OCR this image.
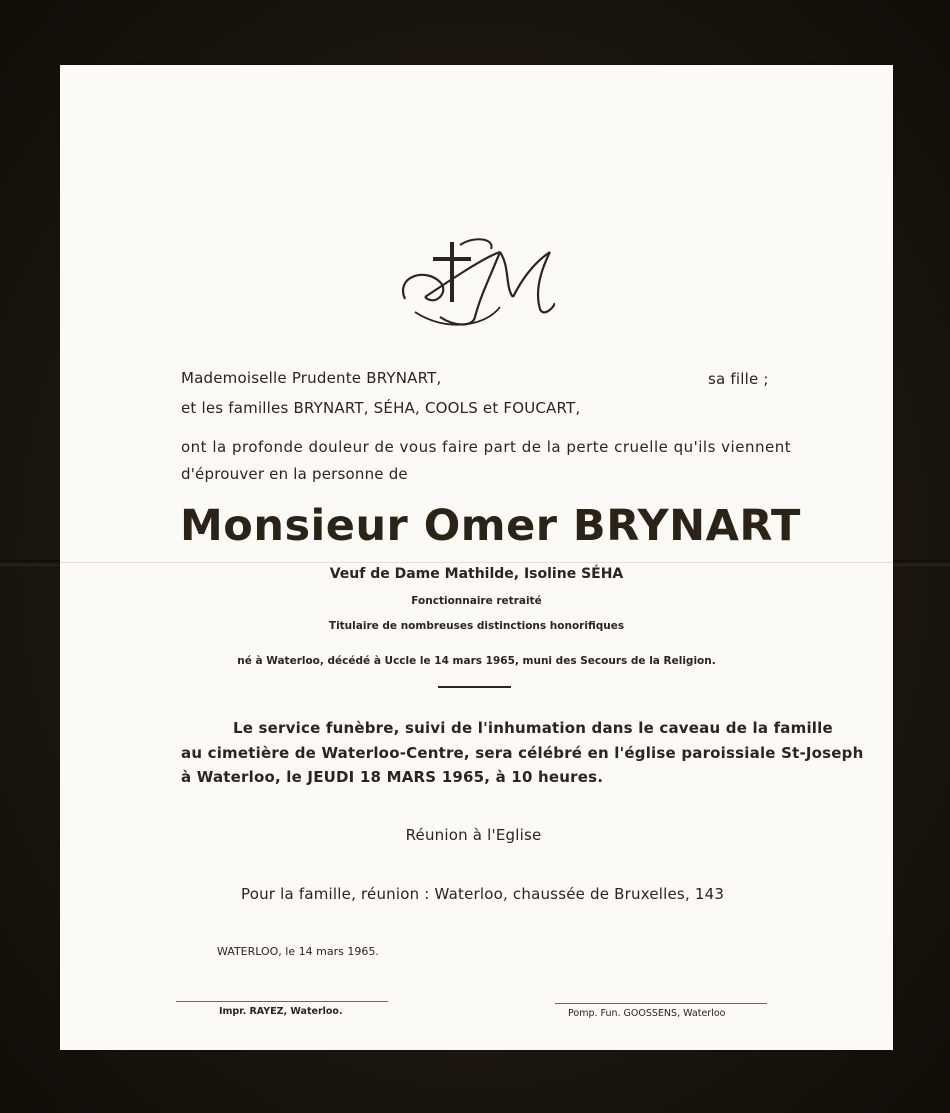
Mademoiselle Prudente BRYNART,	sa fille ;
et les familles BRYNART, SÉHA, COOLS et FOUCART,
ont la profonde douleur de vous faire part de la perte cruelle qu'ils viennent
d'éprouver en la personne de
Monsieur Omer BRYNART
Veuf de Dame Mathilde, Isoline SÉHA
Fonctionnaire retraité
Titulaire de nombreuses distinctions honorifiques
né à Waterloo, décédé à Uccle le 14 mars 1965, muni des Secours de la Religion.
Le service funèbre, suivi de l'inhumation dans le caveau de la famille
au cimetière de Waterloo-Centre, sera célébré en l'église paroissiale St-Joseph
à Waterloo, le JEUDI 18 MARS 1965, à 10 heures.
Réunion à l'Eglise
Pour la famille, réunion : Waterloo, chaussée de Bruxelles, 143
WATERLOO, le 14 mars 1965.
Impr. RAYEZ, Waterloo.	Pomp. Fun. GOOSSENS, Waterloo
